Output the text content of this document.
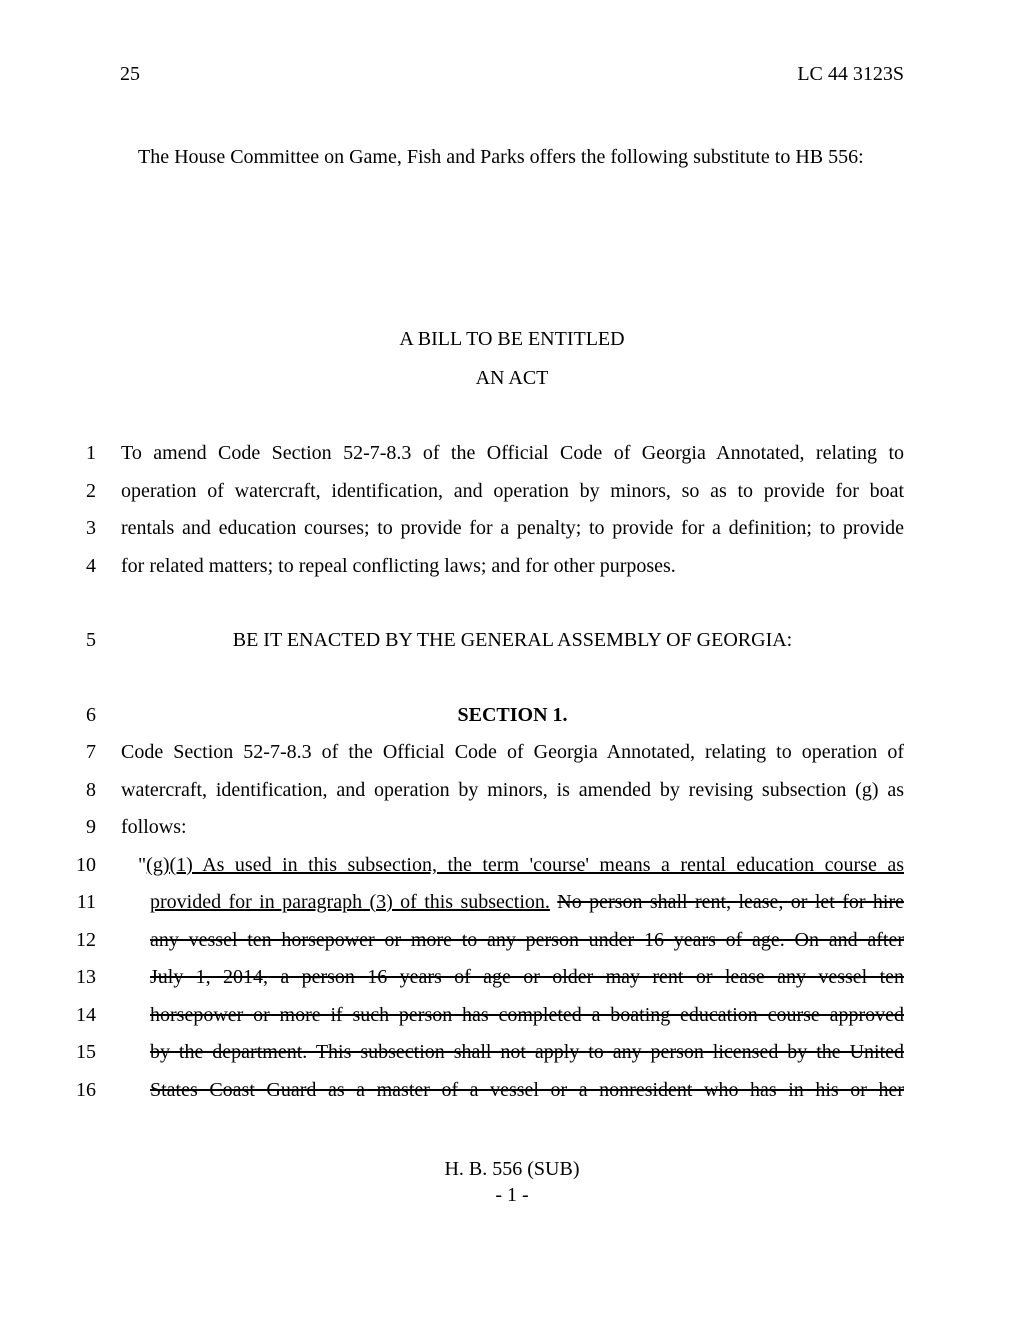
25	LC 44 3123S
The House Committee on Game, Fish and Parks offers the following substitute to HB 556:
A BILL TO BE ENTITLED
AN ACT
1 To amend Code Section 52-7-8.3 of the Official Code of Georgia Annotated, relating to
2 operation of watercraft, identification, and operation by minors, so as to provide for boat
3 rentals and education courses; to provide for a penalty; to provide for a definition; to provide
4 for related matters; to repeal conflicting laws; and for other purposes.
5	BE IT ENACTED BY THE GENERAL ASSEMBLY OF GEORGIA:
6	SECTION 1.
7 Code Section 52-7-8.3 of the Official Code of Georgia Annotated, relating to operation of
8 watercraft, identification, and operation by minors, is amended by revising subsection (g) as
9 follows:
10 "(g)(1) As used in this subsection, the term 'course' means a rental education course as
11	provided for in paragraph (3) of this subsection. No person shall rent, lease, or let for hire
12	any vessel ten horsepower or more to any person under 16 years of age. On and after
13	July 1, 2014, a person 16 years of age or older may rent or lease any vessel ten
14	horsepower or more if such person has completed a boating education course approved
15	by the department. This subsection shall not apply to any person licensed by the United
16	States Coast Guard as a master of a vessel or a nonresident who has in his or her
H. B. 556 (SUB)
- 1 -
